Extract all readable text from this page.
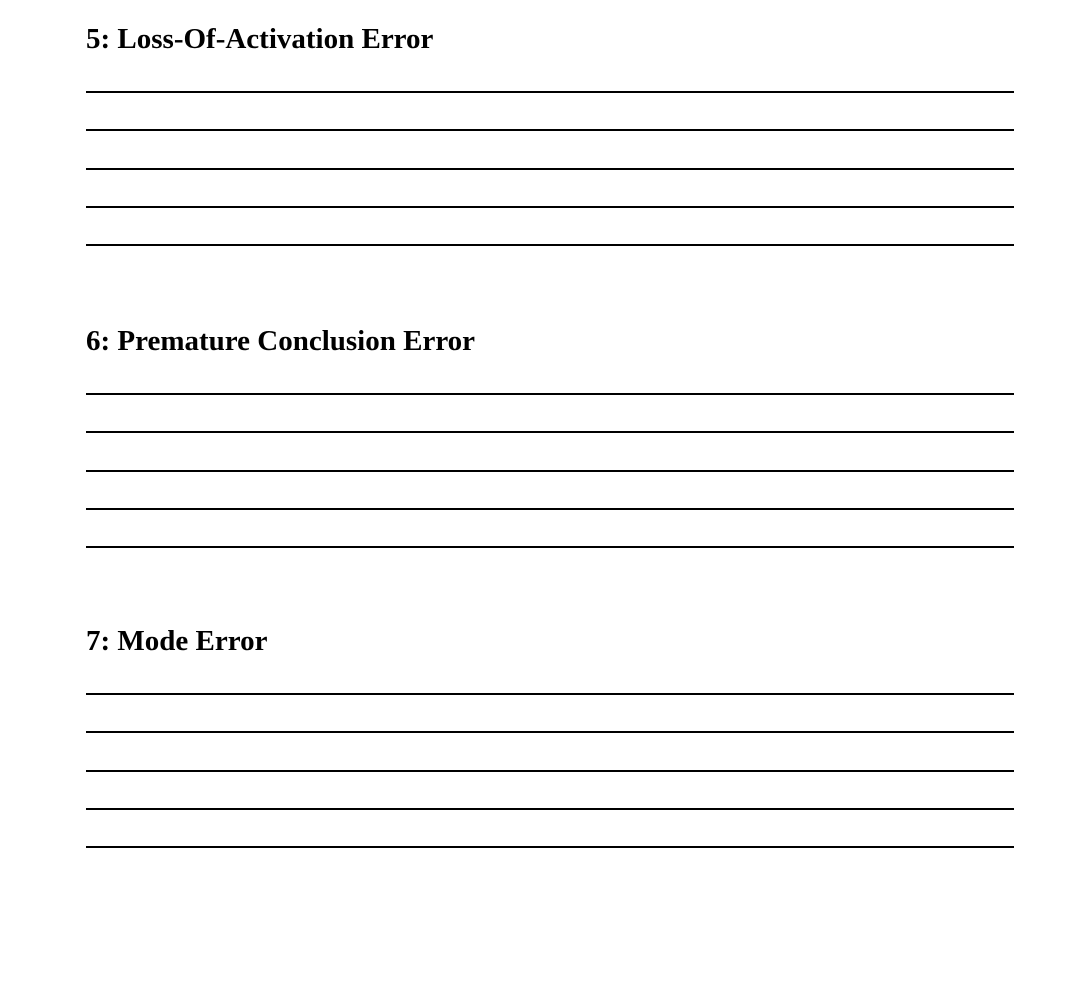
5: Loss-Of-Activation Error
6: Premature Conclusion Error
7: Mode Error
